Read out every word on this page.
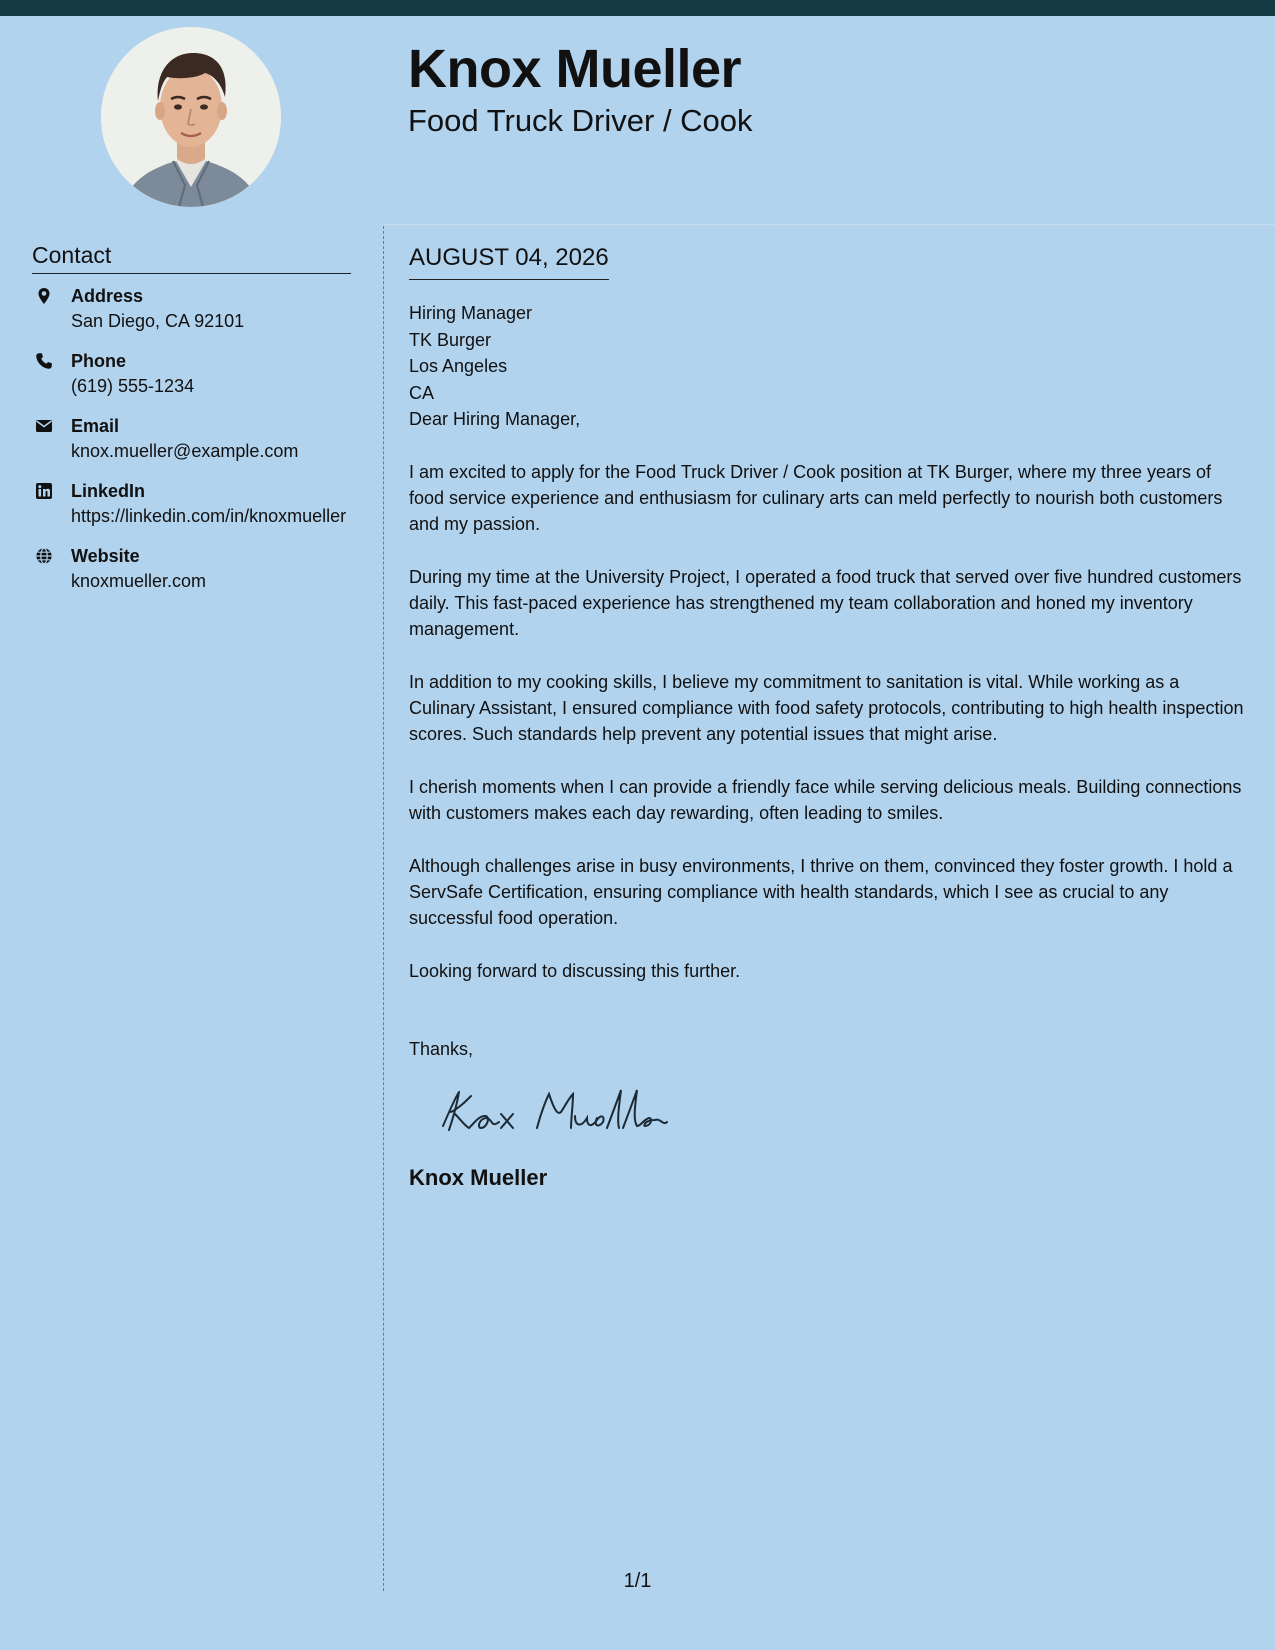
Knox Mueller
Food Truck Driver / Cook
Contact
Address
San Diego, CA 92101
Phone
(619) 555-1234
Email
knox.mueller@example.com
LinkedIn
https://linkedin.com/in/knoxmueller
Website
knoxmueller.com
AUGUST 04, 2026
Hiring Manager
TK Burger
Los Angeles
CA

Dear Hiring Manager,

I am excited to apply for the Food Truck Driver / Cook position at TK Burger, where my three years of food service experience and enthusiasm for culinary arts can meld perfectly to nourish both customers and my passion.

During my time at the University Project, I operated a food truck that served over five hundred customers daily. This fast-paced experience has strengthened my team collaboration and honed my inventory management.

In addition to my cooking skills, I believe my commitment to sanitation is vital. While working as a Culinary Assistant, I ensured compliance with food safety protocols, contributing to high health inspection scores. Such standards help prevent any potential issues that might arise.

I cherish moments when I can provide a friendly face while serving delicious meals. Building connections with customers makes each day rewarding, often leading to smiles.

Although challenges arise in busy environments, I thrive on them, convinced they foster growth. I hold a ServSafe Certification, ensuring compliance with health standards, which I see as crucial to any successful food operation.

Looking forward to discussing this further.

Thanks,
Knox Mueller
1/1
